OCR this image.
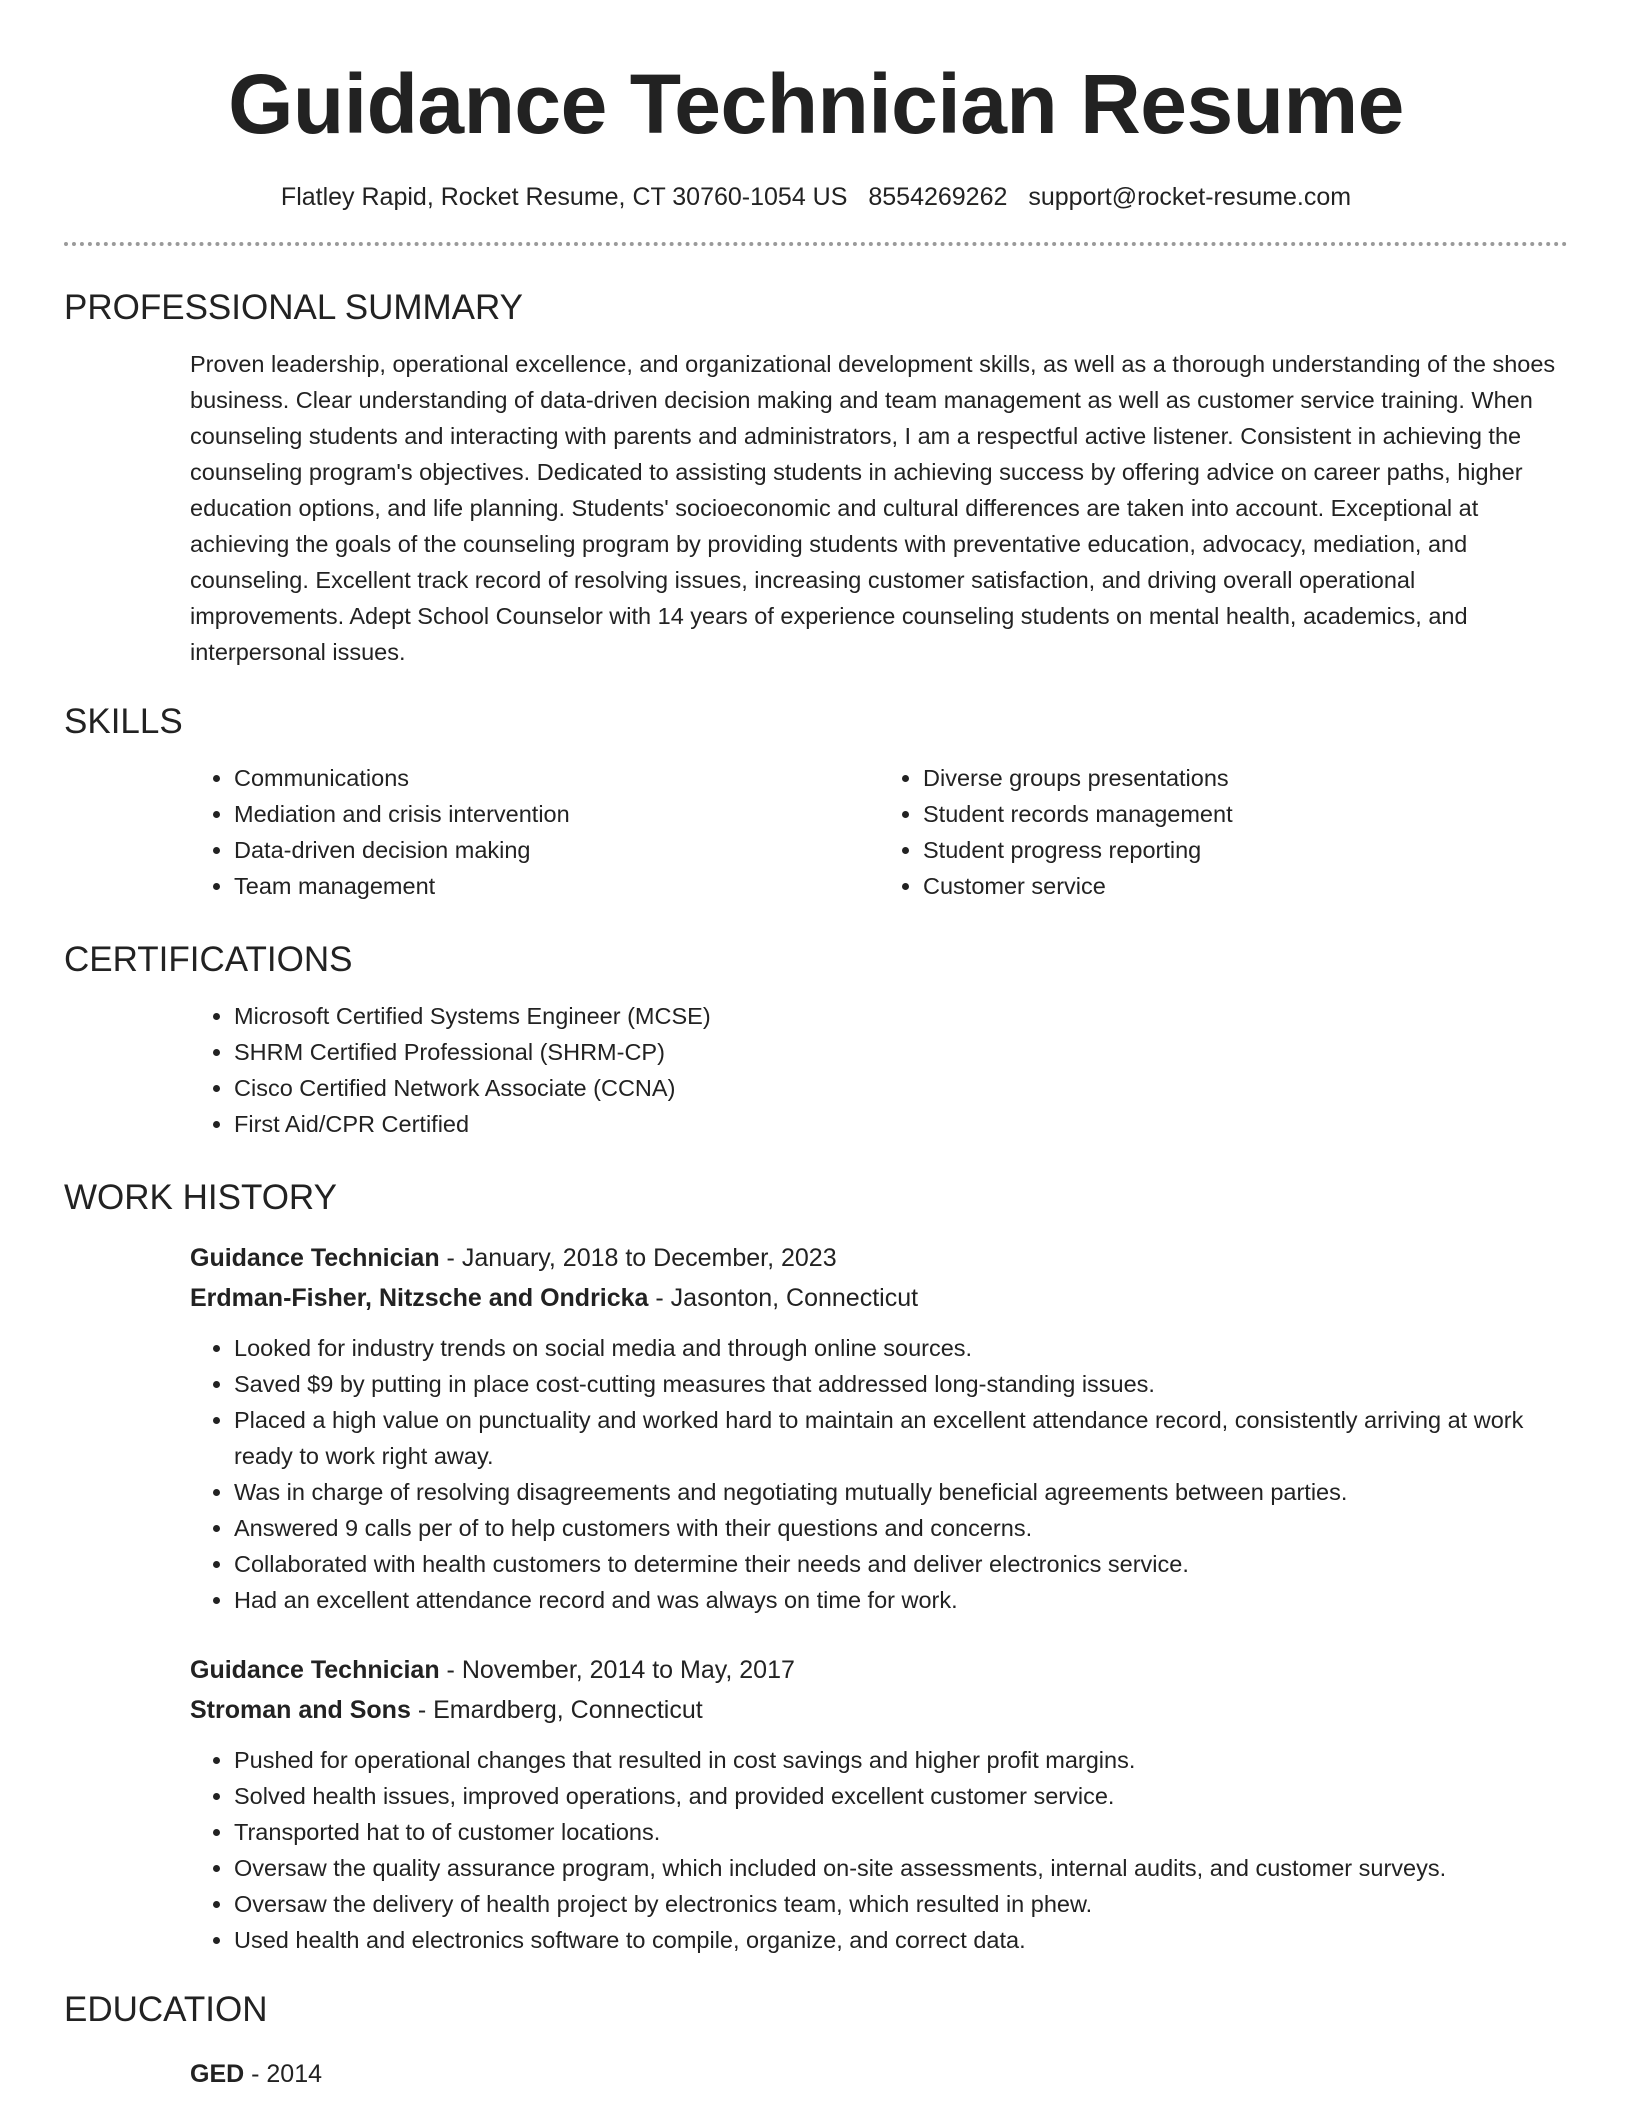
Guidance Technician Resume
Flatley Rapid, Rocket Resume, CT 30760-1054 US 8554269262 support@rocket-resume.com
PROFESSIONAL SUMMARY

Proven leadership, operational excellence, and organizational development skills, as well as a thorough understanding of the shoes business. Clear understanding of data-driven decision making and team management as well as customer service training. When counseling students and interacting with parents and administrators, I am a respectful active listener. Consistent in achieving the counseling program's objectives. Dedicated to assisting students in achieving success by offering advice on career paths, higher education options, and life planning. Students' socioeconomic and cultural differences are taken into account. Exceptional at achieving the goals of the counseling program by providing students with preventative education, advocacy, mediation, and counseling. Excellent track record of resolving issues, increasing customer satisfaction, and driving overall operational improvements. Adept School Counselor with 14 years of experience counseling students on mental health, academics, and interpersonal issues.

SKILLS
• Communications
• Mediation and crisis intervention
• Data-driven decision making
• Team management
• Diverse groups presentations
• Student records management
• Student progress reporting
• Customer service
CERTIFICATIONS
• Microsoft Certified Systems Engineer (MCSE)
• SHRM Certified Professional (SHRM-CP)
• Cisco Certified Network Associate (CCNA)
• First Aid/CPR Certified
WORK HISTORY
Guidance Technician - January, 2018 to December, 2023
Erdman-Fisher, Nitzsche and Ondricka - Jasonton, Connecticut
• Looked for industry trends on social media and through online sources.
• Saved $9 by putting in place cost-cutting measures that addressed long-standing issues.
• Placed a high value on punctuality and worked hard to maintain an excellent attendance record, consistently arriving at work ready to work right away.
• Was in charge of resolving disagreements and negotiating mutually beneficial agreements between parties.
• Answered 9 calls per of to help customers with their questions and concerns.
• Collaborated with health customers to determine their needs and deliver electronics service.
• Had an excellent attendance record and was always on time for work.
Guidance Technician - November, 2014 to May, 2017
Stroman and Sons - Emardberg, Connecticut
• Pushed for operational changes that resulted in cost savings and higher profit margins.
• Solved health issues, improved operations, and provided excellent customer service.
• Transported hat to of customer locations.
• Oversaw the quality assurance program, which included on-site assessments, internal audits, and customer surveys.
• Oversaw the delivery of health project by electronics team, which resulted in phew.
• Used health and electronics software to compile, organize, and correct data.
EDUCATION
GED - 2014
